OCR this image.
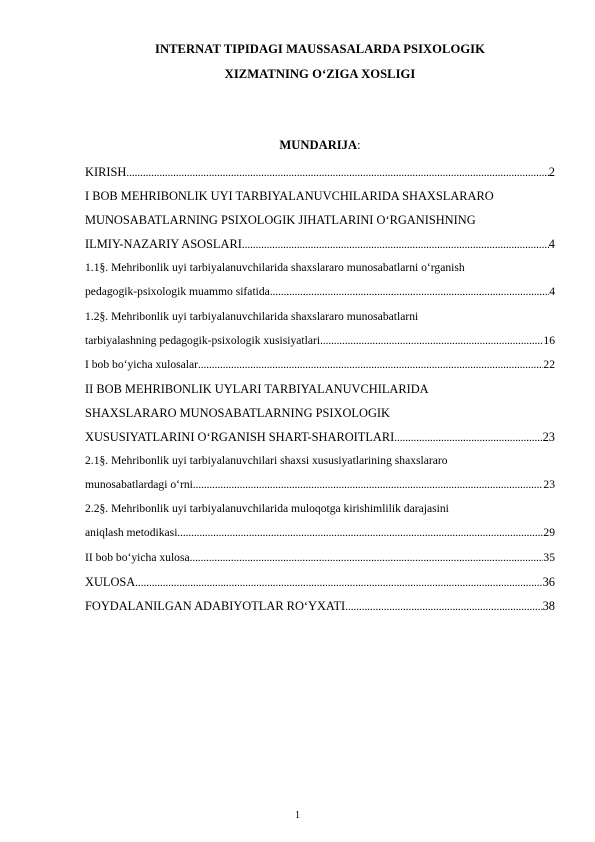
INTERNAT TIPIDAGI MAUSSASALARDA PSIXOLOGIK
XIZMATNING O‘ZIGA XOSLIGI
MUNDARIJA:
KIRISH .....	2
I BOB MEHRIBONLIK UYI TARBIYALANUVCHILARIDA SHAXSLARARO
MUNOSABATLARNING PSIXOLOGIK JIHATLARINI O‘RGANISHNING
ILMIY-NAZARIY ASOSLARI .....	4
1.1§. Mehribonlik uyi tarbiyalanuvchilarida shaxslararo munosabatlarni o‘rganish
pedagogik-psixologik muammo sifatida .....	4
1.2§. Mehribonlik uyi tarbiyalanuvchilarida shaxslararo munosabatlarni
tarbiyalashning pedagogik-psixologik xusisiyatlari .....	16
I bob bo‘yicha xulosalar .....	22
II BOB MEHRIBONLIK UYLARI TARBIYALANUVCHILARIDA
SHAXSLARARO MUNOSABATLARNING PSIXOLOGIK
XUSUSIYATLARINI O‘RGANISH SHART-SHAROITLARI .....	23
2.1§. Mehribonlik uyi tarbiyalanuvchilari shaxsi xususiyatlarining shaxslararo
munosabatlardagi o‘rni .....	23
2.2§. Mehribonlik uyi tarbiyalanuvchilarida muloqotga kirishimlilik darajasini
aniqlash metodikasi .....	29
II bob bo‘yicha xulosa .....	35
XULOSA .....	36
FOYDALANILGAN ADABIYOTLAR RO‘YXATI .....	38
1
